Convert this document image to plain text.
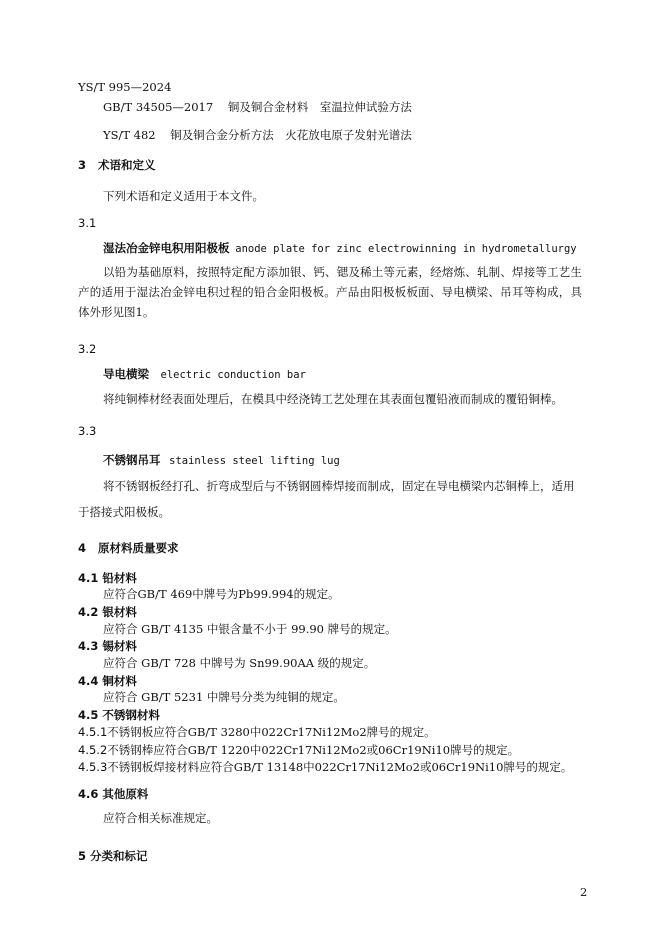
YS/T 995—2024
GB/T 34505—2017 铜及铜合金材料　室温拉伸试验方法
YS/T 482 铜及铜合金分析方法　火花放电原子发射光谱法
3 术语和定义
下列术语和定义适用于本文件。
3.1
湿法冶金锌电积用阳极板 anode plate for zinc electrowinning in hydrometallurgy
以铅为基础原料，按照特定配方添加银、钙、锶及稀土等元素，经熔炼、轧制、焊接等工艺生产的适用于湿法冶金锌电积过程的铅合金阳极板。产品由阳极板板面、导电横梁、吊耳等构成，具体外形见图1。
3.2
导电横梁 electric conduction bar
将纯铜棒材经表面处理后，在模具中经浇铸工艺处理在其表面包覆铅液而制成的覆铅铜棒。
3.3
不锈钢吊耳 stainless steel lifting lug
将不锈钢板经打孔、折弯成型后与不锈钢圆棒焊接而制成，固定在导电横梁内芯铜棒上，适用
于搭接式阳极板。
4 原材料质量要求
4.1 铅材料
应符合GB/T 469中牌号为Pb99.994的规定。
4.2 银材料
应符合 GB/T 4135 中银含量不小于 99.90 牌号的规定。
4.3 锡材料
应符合 GB/T 728 中牌号为 Sn99.90AA 级的规定。
4.4 铜材料
应符合 GB/T 5231 中牌号分类为纯铜的规定。
4.5 不锈钢材料
4.5.1不锈钢板应符合GB/T 3280中022Cr17Ni12Mo2牌号的规定。
4.5.2不锈钢棒应符合GB/T 1220中022Cr17Ni12Mo2或06Cr19Ni10牌号的规定。
4.5.3不锈钢板焊接材料应符合GB/T 13148中022Cr17Ni12Mo2或06Cr19Ni10牌号的规定。
4.6 其他原料
应符合相关标准规定。
5 分类和标记
2
